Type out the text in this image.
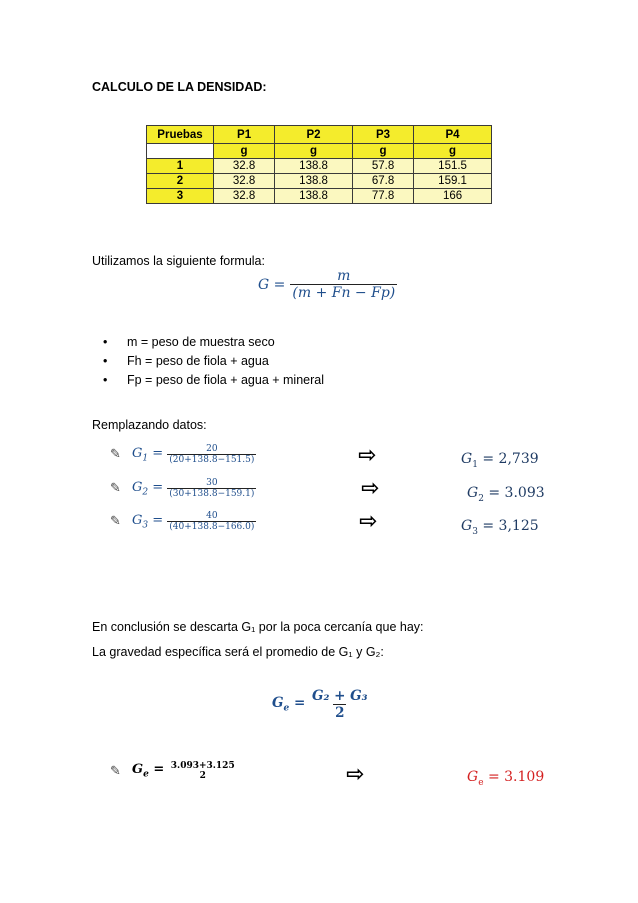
CALCULO DE LA DENSIDAD:
Pruebas	P1	P2	P3	P4
	g	g	g	g
1	32.8	138.8	57.8	151.5
2	32.8	138.8	67.8	159.1
3	32.8	138.8	77.8	166
Utilizamos la siguiente formula:
$G = \frac{m}{(m + Fn - Fp)}$
• m = peso de muestra seco
• Fh = peso de fiola + agua
• Fp = peso de fiola + agua + mineral
Remplazando datos:
✎ $G_1 = \frac{20}{(20+138.8-151.5)}$	⇨	$G_1 = 2,739$
✎ $G_2 = \frac{30}{(30+138.8-159.1)}$	⇨	$G_2 = 3.093$
✎ $G_3 = \frac{40}{(40+138.8-166.0)}$	⇨	$G_3 = 3,125$
En conclusión se descarta G₁ por la poca cercanía que hay:
La gravedad específica será el promedio de G₁ y G₂:
$G_e = \frac{\text{G₂ + G₃}}{2}$
✎ $G_e = 3.093+3.125$
2	⇨	$G_e = 3.109$
